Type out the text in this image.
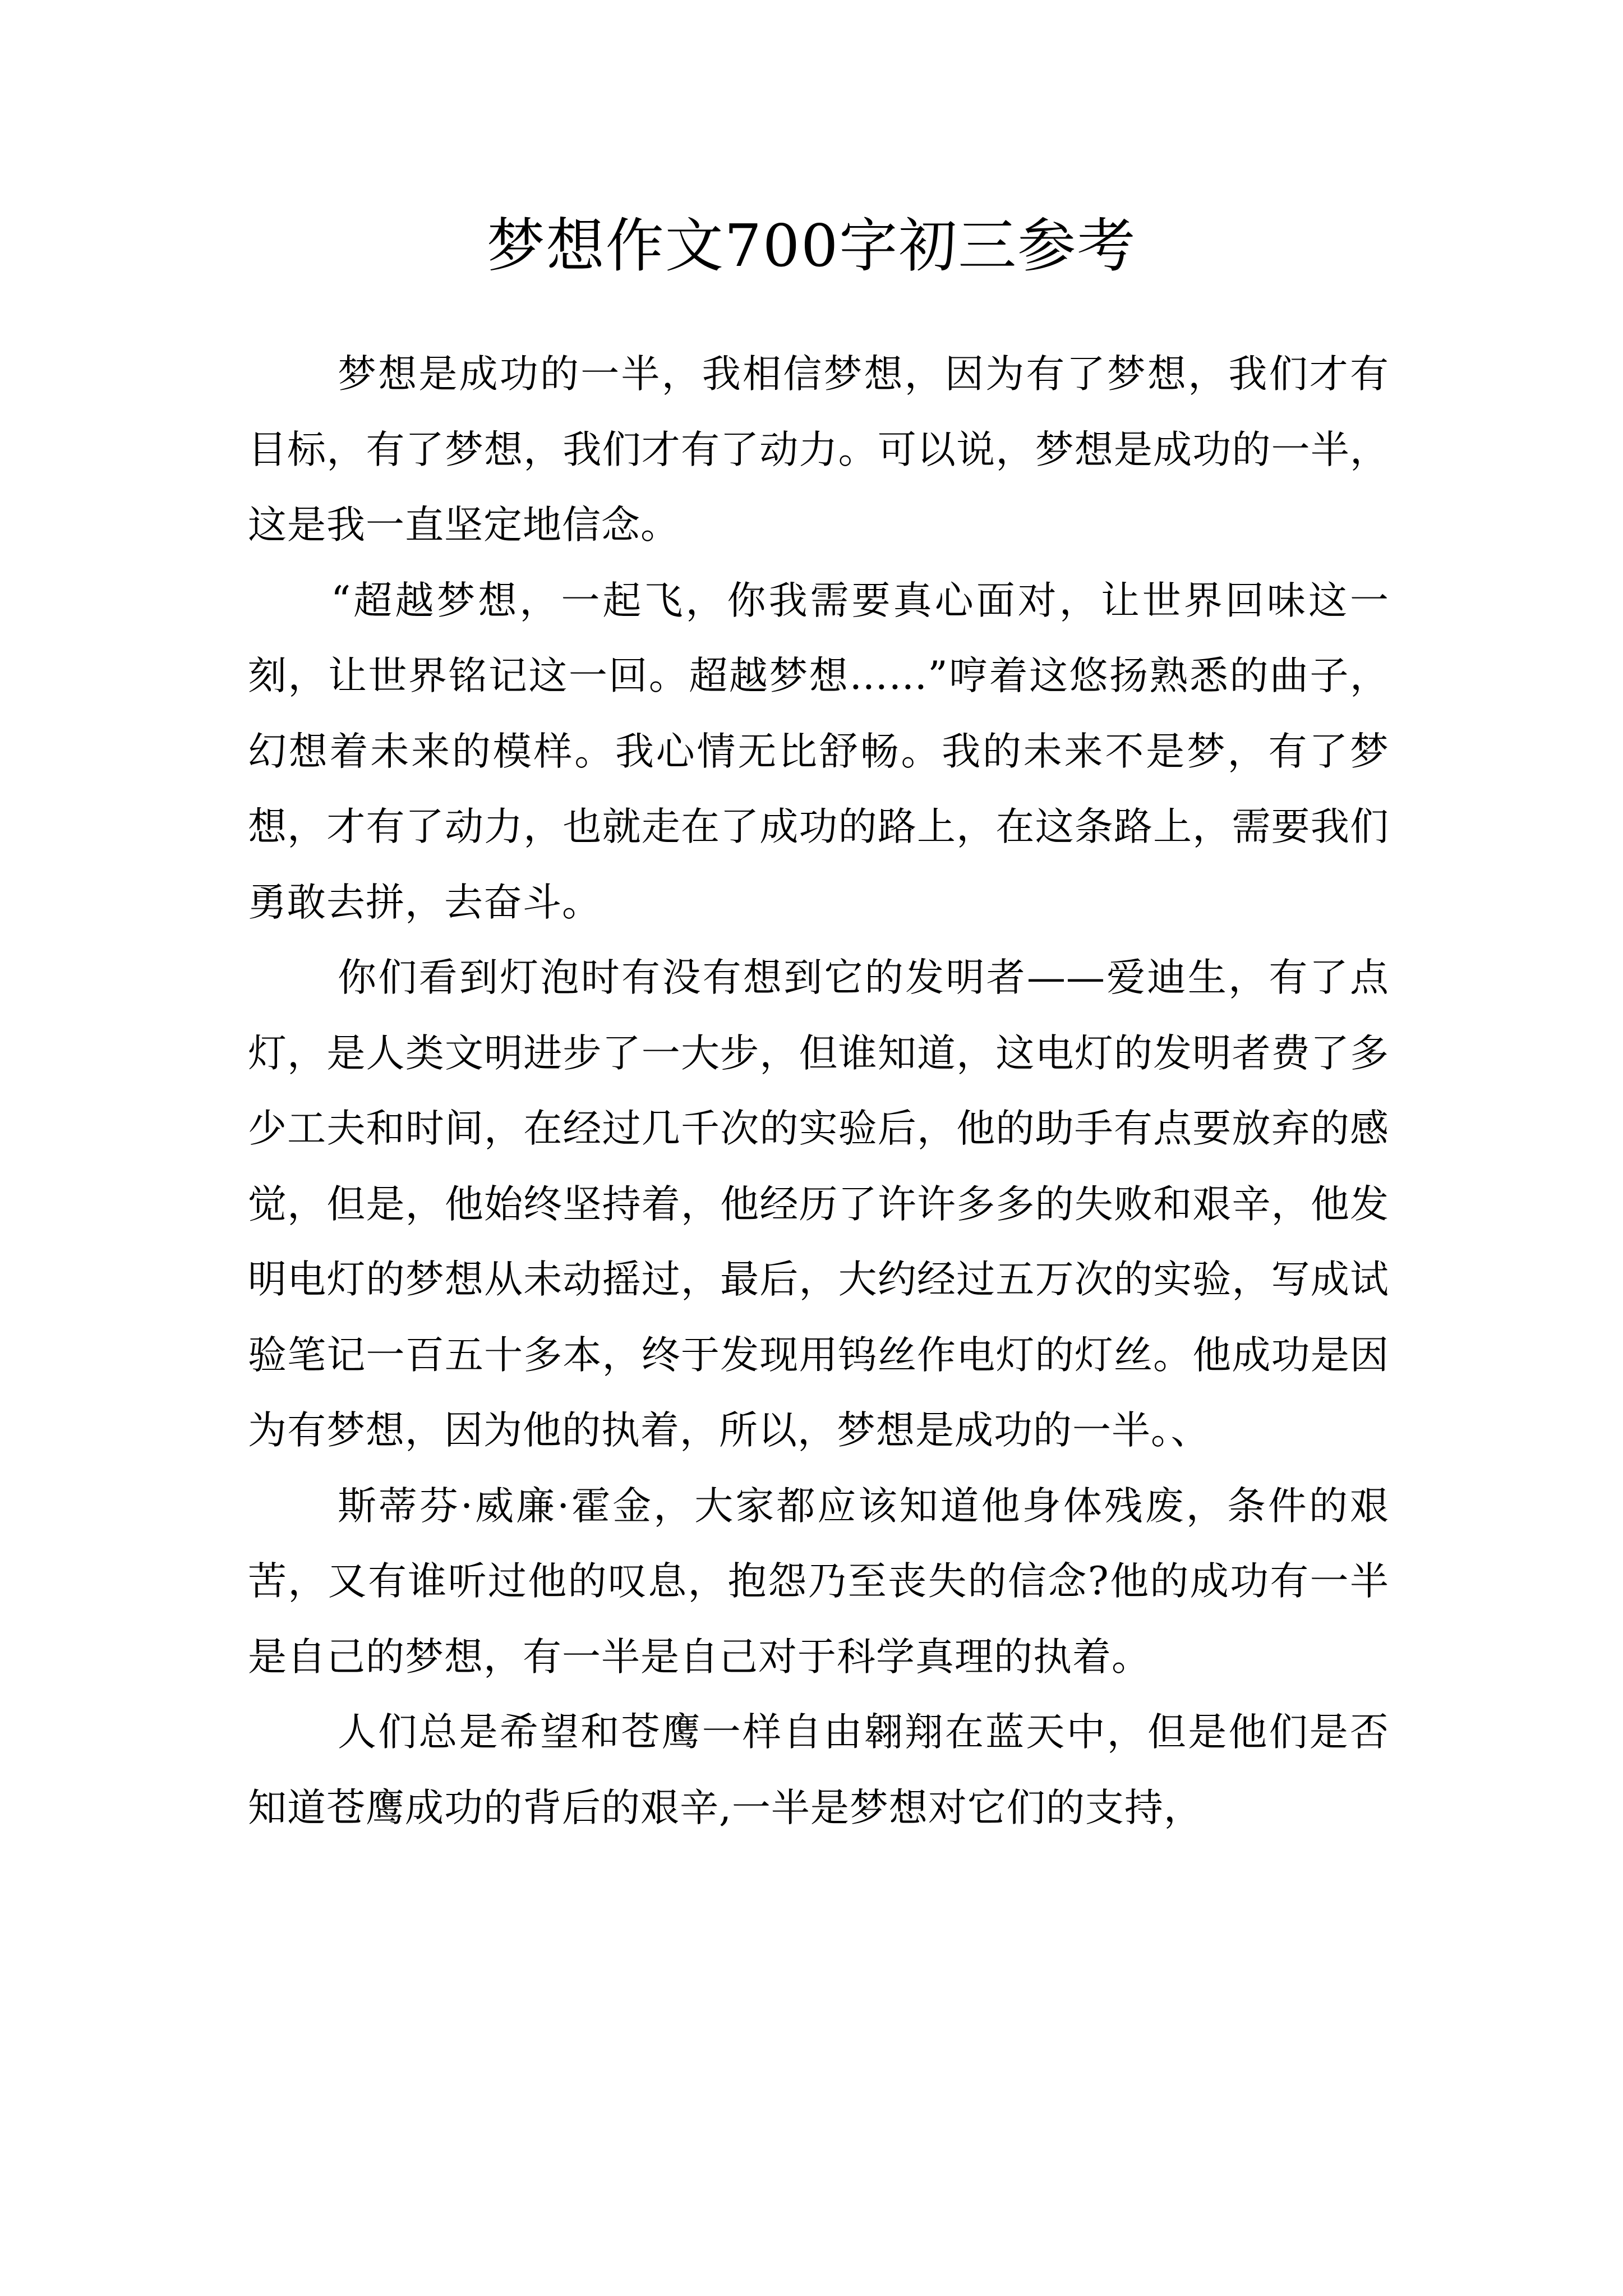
梦想作文700字初三参考

梦想是成功的一半，我相信梦想，因为有了梦想，我们才有目标，有了梦想，我们才有了动力。可以说，梦想是成功的一半，这是我一直坚定地信念。

“超越梦想，一起飞，你我需要真心面对，让世界回味这一刻，让世界铭记这一回。超越梦想……”哼着这悠扬熟悉的曲子，幻想着未来的模样。我心情无比舒畅。我的未来不是梦，有了梦想，才有了动力，也就走在了成功的路上，在这条路上，需要我们勇敢去拼，去奋斗。

你们看到灯泡时有没有想到它的发明者——爱迪生，有了点灯，是人类文明进步了一大步，但谁知道，这电灯的发明者费了多少工夫和时间，在经过几千次的实验后，他的助手有点要放弃的感觉，但是，他始终坚持着，他经历了许许多多的失败和艰辛，他发明电灯的梦想从未动摇过，最后，大约经过五万次的实验，写成试验笔记一百五十多本，终于发现用钨丝作电灯的灯丝。他成功是因为有梦想，因为他的执着，所以，梦想是成功的一半。、

斯蒂芬·威廉·霍金，大家都应该知道他身体残废，条件的艰苦，又有谁听过他的叹息，抱怨乃至丧失的信念?他的成功有一半是自己的梦想，有一半是自己对于科学真理的执着。

人们总是希望和苍鹰一样自由翱翔在蓝天中，但是他们是否知道苍鹰成功的背后的艰辛,一半是梦想对它们的支持，
